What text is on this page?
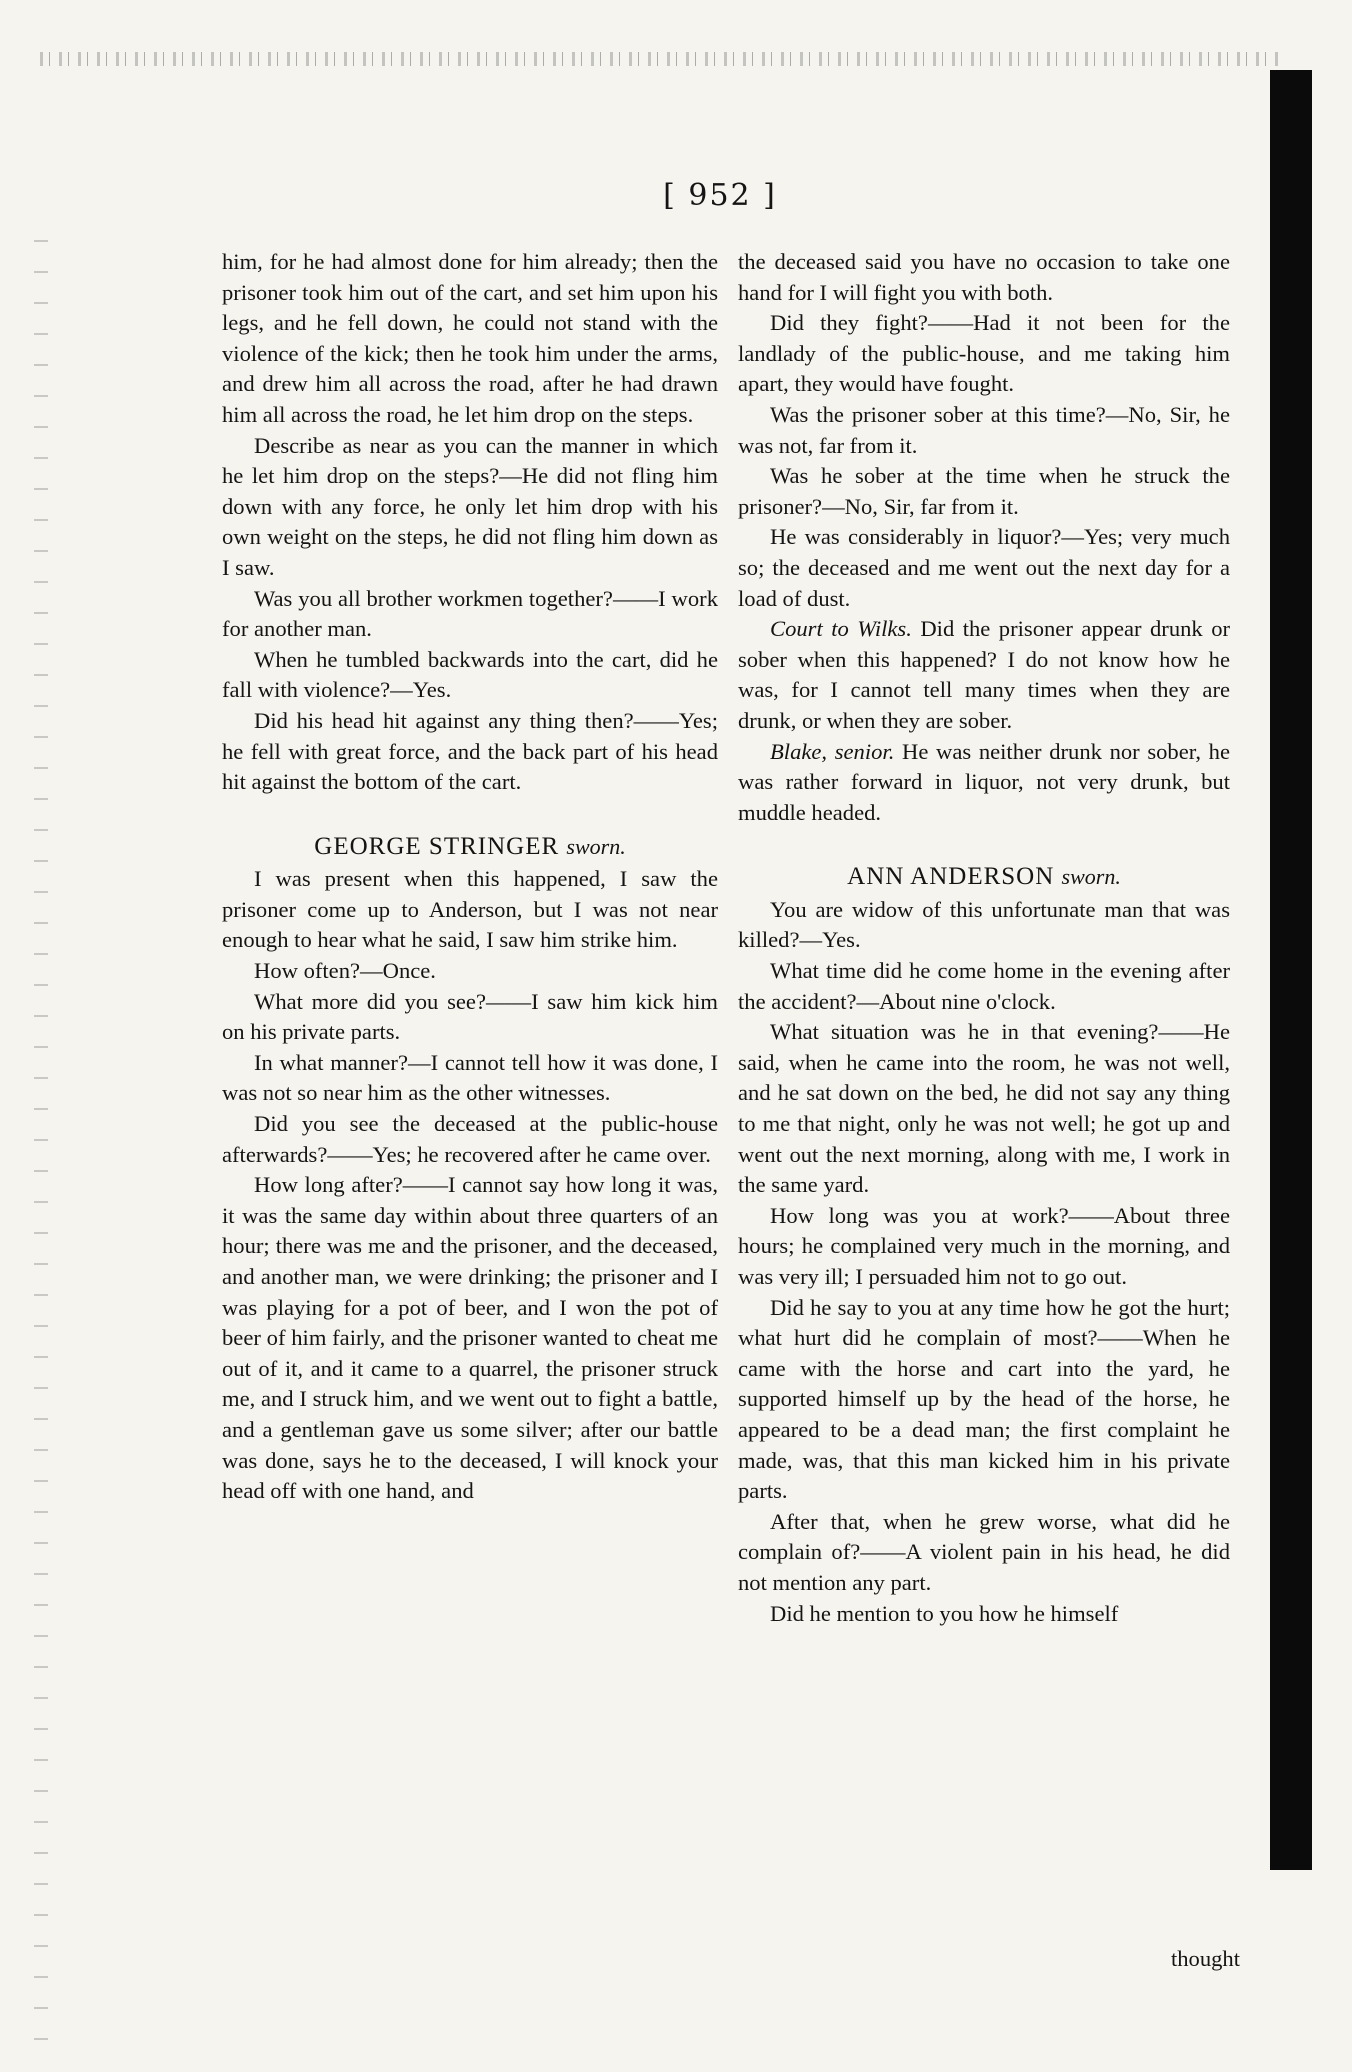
[ 952 ]

him, for he had almost done for him already; then the prisoner took him out of the cart, and set him upon his legs, and he fell down, he could not stand with the violence of the kick; then he took him under the arms, and drew him all across the road, after he had drawn him all across the road, he let him drop on the steps.

Describe as near as you can the manner in which he let him drop on the steps?—He did not fling him down with any force, he only let him drop with his own weight on the steps, he did not fling him down as I saw.

Was you all brother workmen together?——I work for another man.

When he tumbled backwards into the cart, did he fall with violence?—Yes.

Did his head hit against any thing then?——Yes; he fell with great force, and the back part of his head hit against the bottom of the cart.

GEORGE STRINGER sworn.

I was present when this happened, I saw the prisoner come up to Anderson, but I was not near enough to hear what he said, I saw him strike him.

How often?—Once.

What more did you see?——I saw him kick him on his private parts.

In what manner?—I cannot tell how it was done, I was not so near him as the other witnesses.

Did you see the deceased at the public-house afterwards?——Yes; he recovered after he came over.

How long after?——I cannot say how long it was, it was the same day within about three quarters of an hour; there was me and the prisoner, and the deceased, and another man, we were drinking; the prisoner and I was playing for a pot of beer, and I won the pot of beer of him fairly, and the prisoner wanted to cheat me out of it, and it came to a quarrel, the prisoner struck me, and I struck him, and we went out to fight a battle, and a gentleman gave us some silver; after our battle was done, says he to the deceased, I will knock your head off with one hand, and

the deceased said you have no occasion to take one hand for I will fight you with both.

Did they fight?——Had it not been for the landlady of the public-house, and me taking him apart, they would have fought.

Was the prisoner sober at this time?—No, Sir, he was not, far from it.

Was he sober at the time when he struck the prisoner?—No, Sir, far from it.

He was considerably in liquor?—Yes; very much so; the deceased and me went out the next day for a load of dust.

Court to Wilks. Did the prisoner appear drunk or sober when this happened? I do not know how he was, for I cannot tell many times when they are drunk, or when they are sober.

Blake, senior. He was neither drunk nor sober, he was rather forward in liquor, not very drunk, but muddle headed.

ANN ANDERSON sworn.

You are widow of this unfortunate man that was killed?—Yes.

What time did he come home in the evening after the accident?—About nine o'clock.

What situation was he in that evening?——He said, when he came into the room, he was not well, and he sat down on the bed, he did not say any thing to me that night, only he was not well; he got up and went out the next morning, along with me, I work in the same yard.

How long was you at work?——About three hours; he complained very much in the morning, and was very ill; I persuaded him not to go out.

Did he say to you at any time how he got the hurt; what hurt did he complain of most?——When he came with the horse and cart into the yard, he supported himself up by the head of the horse, he appeared to be a dead man; the first complaint he made, was, that this man kicked him in his private parts.

After that, when he grew worse, what did he complain of?——A violent pain in his head, he did not mention any part.

Did he mention to you how he himself

thought
